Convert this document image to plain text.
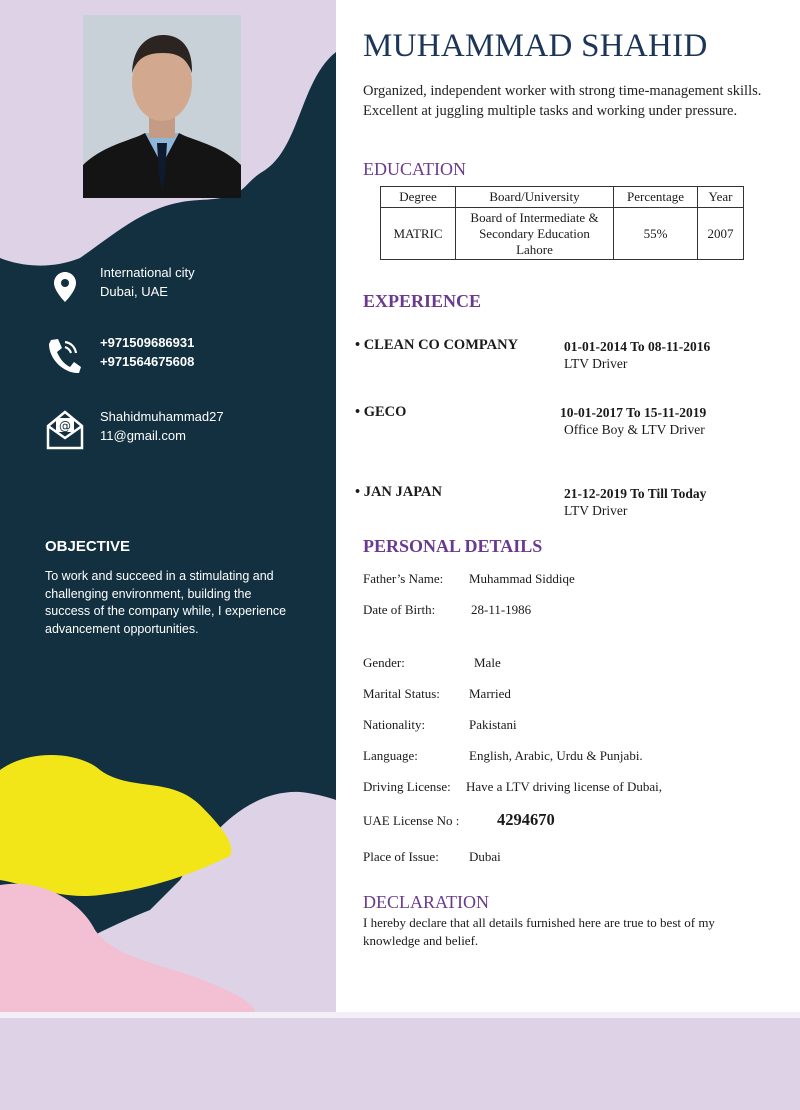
International city
Dubai, UAE
+971509686931
+971564675608
@
Shahidmuhammad27
11@gmail.com
OBJECTIVE
To work and succeed in a stimulating and challenging environment, building the success of the company while, I experience advancement opportunities.
MUHAMMAD SHAHID
Organized, independent worker with strong time-management skills. Excellent at juggling multiple tasks and working under pressure.
EDUCATION
Degree	Board/University	Percentage	Year
MATRIC	Board of Intermediate & Secondary Education Lahore	55%	2007
EXPERIENCE
• CLEAN CO COMPANY	01-01-2014 To 08-11-2016
LTV Driver
• GECO	10-01-2017 To 15-11-2019
Office Boy & LTV Driver
• JAN JAPAN	21-12-2019 To Till Today
LTV Driver
PERSONAL DETAILS
Father’s Name: Muhammad Siddiqe
Date of Birth:	28-11-1986
Gender:	Male
Marital Status: Married
Nationality:	Pakistani
Language:	English, Arabic, Urdu & Punjabi.
Driving License: Have a LTV driving license of Dubai,
UAE License No : 4294670
Place of Issue: Dubai
DECLARATION
I hereby declare that all details furnished here are true to best of my knowledge and belief.
